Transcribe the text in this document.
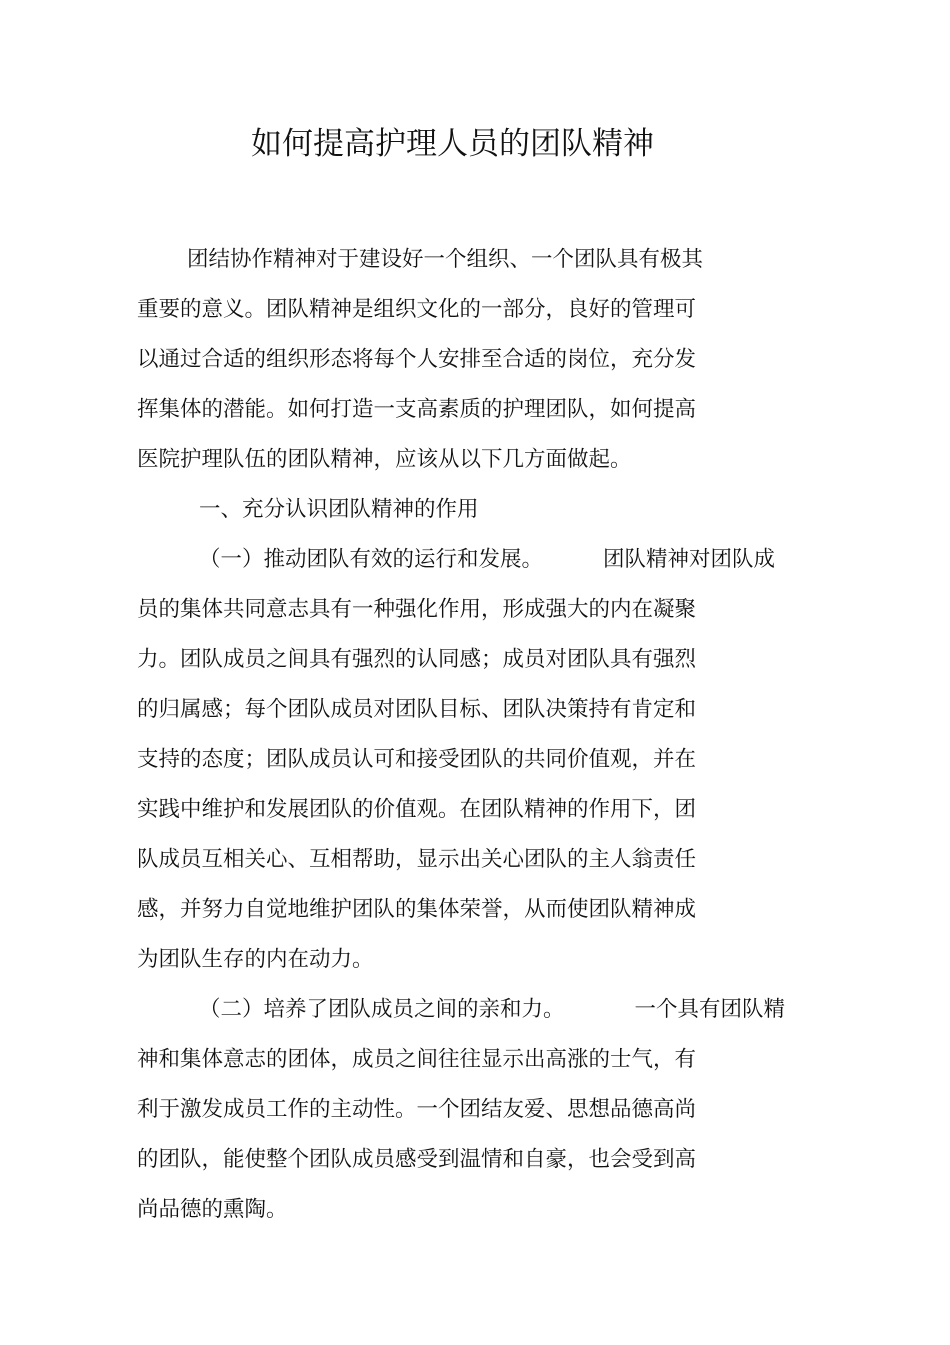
如何提高护理人员的团队精神
团结协作精神对于建设好一个组织、一个团队具有极其
重要的意义。团队精神是组织文化的一部分，良好的管理可
以通过合适的组织形态将每个人安排至合适的岗位，充分发
挥集体的潜能。如何打造一支高素质的护理团队，如何提高
医院护理队伍的团队精神，应该从以下几方面做起。
一、充分认识团队精神的作用
（一）推动团队有效的运行和发展。	团队精神对团队成
员的集体共同意志具有一种强化作用，形成强大的内在凝聚
力。团队成员之间具有强烈的认同感；成员对团队具有强烈
的归属感；每个团队成员对团队目标、团队决策持有肯定和
支持的态度；团队成员认可和接受团队的共同价值观，并在
实践中维护和发展团队的价值观。在团队精神的作用下，团
队成员互相关心、互相帮助，显示出关心团队的主人翁责任
感，并努力自觉地维护团队的集体荣誉，从而使团队精神成
为团队生存的内在动力。
（二）培养了团队成员之间的亲和力。	一个具有团队精
神和集体意志的团体，成员之间往往显示出高涨的士气，有
利于激发成员工作的主动性。一个团结友爱、思想品德高尚
的团队，能使整个团队成员感受到温情和自豪，也会受到高
尚品德的熏陶。
